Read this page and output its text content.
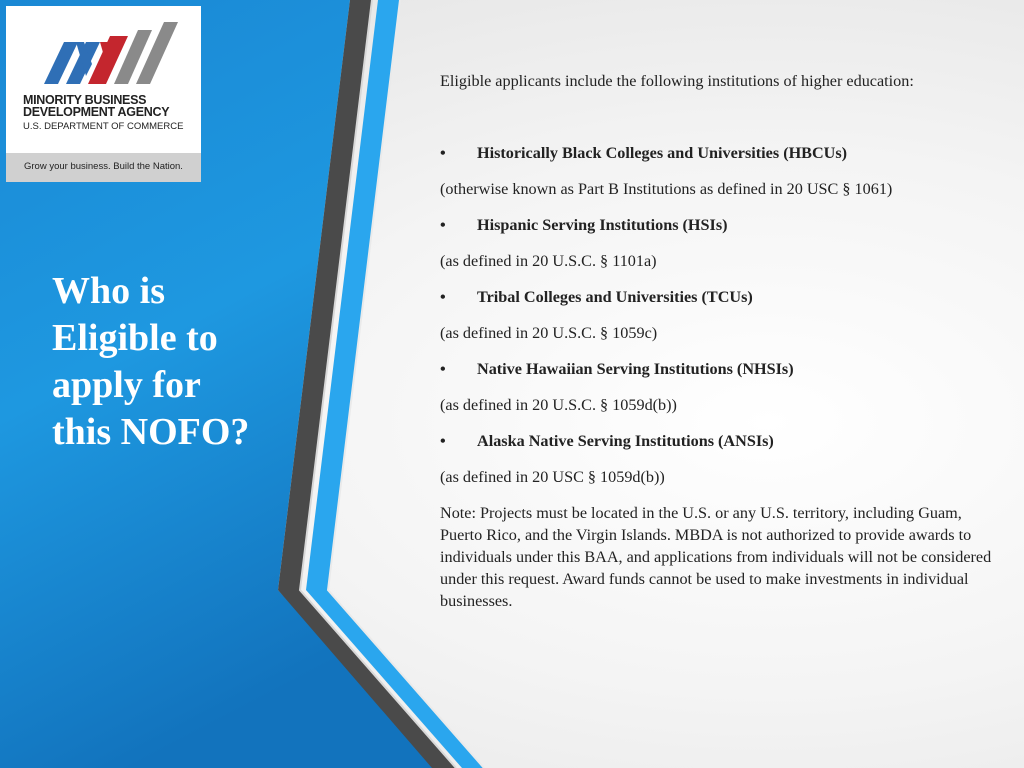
MINORITY BUSINESS
DEVELOPMENT AGENCY
U.S. DEPARTMENT OF COMMERCE
Grow your business. Build the Nation.
Who is
Eligible to
apply for
this NOFO?

Eligible applicants include the following institutions of higher education:

• Historically Black Colleges and Universities (HBCUs)

(otherwise known as Part B Institutions as defined in 20 USC § 1061)

• Hispanic Serving Institutions (HSIs)

(as defined in 20 U.S.C. § 1101a)

• Tribal Colleges and Universities (TCUs)

(as defined in 20 U.S.C. § 1059c)

• Native Hawaiian Serving Institutions (NHSIs)

(as defined in 20 U.S.C. § 1059d(b))

• Alaska Native Serving Institutions (ANSIs)

(as defined in 20 USC § 1059d(b))

Note: Projects must be located in the U.S. or any U.S. territory, including Guam, Puerto Rico, and the Virgin Islands. MBDA is not authorized to provide awards to individuals under this BAA, and applications from individuals will not be considered under this request. Award funds cannot be used to make investments in individual businesses.
